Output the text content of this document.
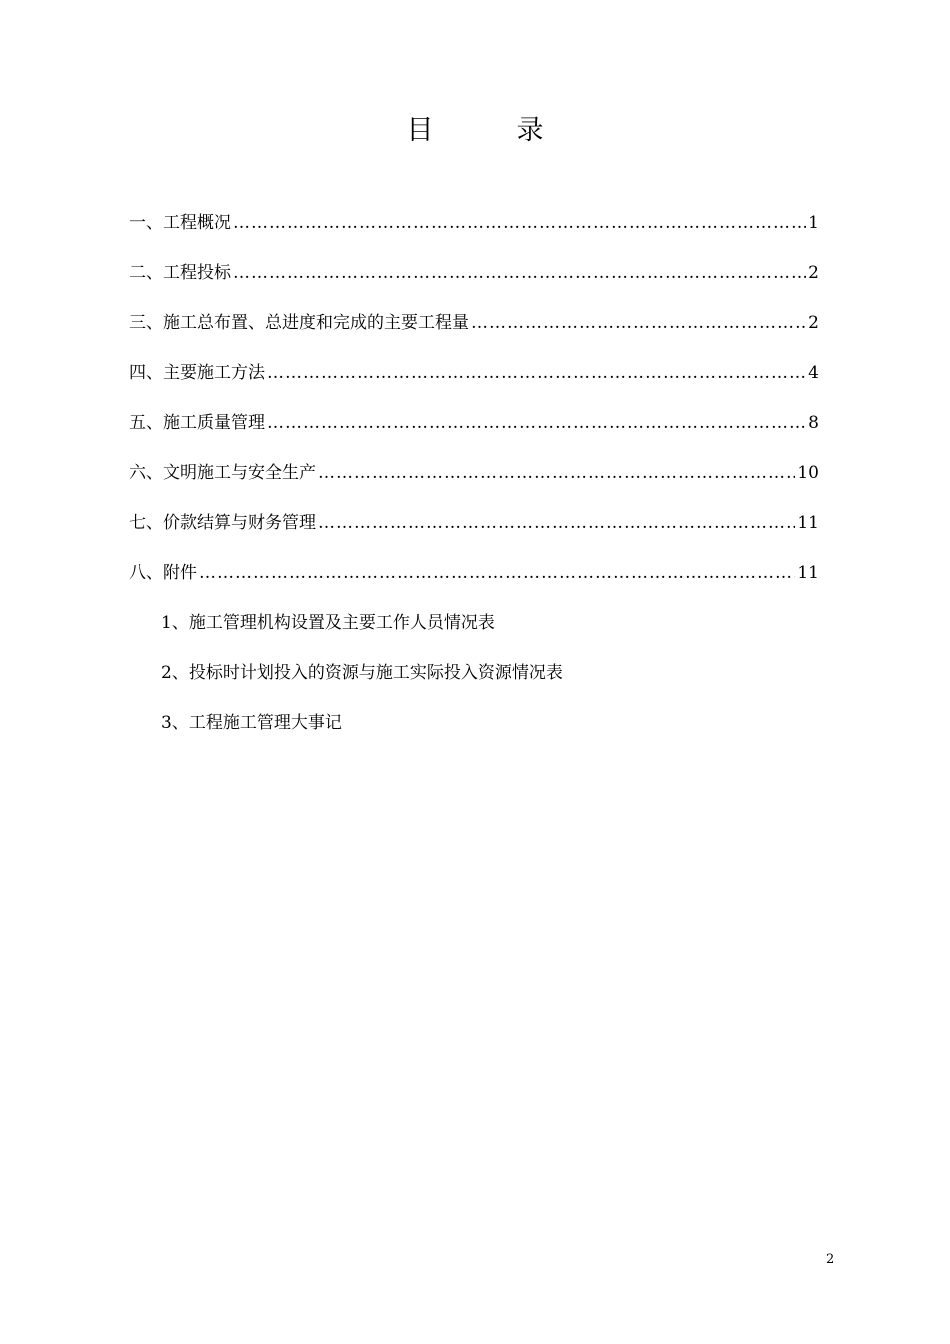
目　录
一、工程概况 ……………………………………………………………………………………………………………………………………………………	1
二、工程投标 ……………………………………………………………………………………………………………………………………………………	2
三、施工总布置、总进度和完成的主要工程量 ……………………………………………………………………………………………………………………………………………………	2
四、主要施工方法 ……………………………………………………………………………………………………………………………………………………	4
五、施工质量管理 ……………………………………………………………………………………………………………………………………………………	8
六、文明施工与安全生产 ……………………………………………………………………………………………………………………………………………………	10
七、价款结算与财务管理 ……………………………………………………………………………………………………………………………………………………	11
八、附件 ……………………………………………………………………………………………………………………………………………………	11
1、施工管理机构设置及主要工作人员情况表
2、投标时计划投入的资源与施工实际投入资源情况表
3、工程施工管理大事记
2
